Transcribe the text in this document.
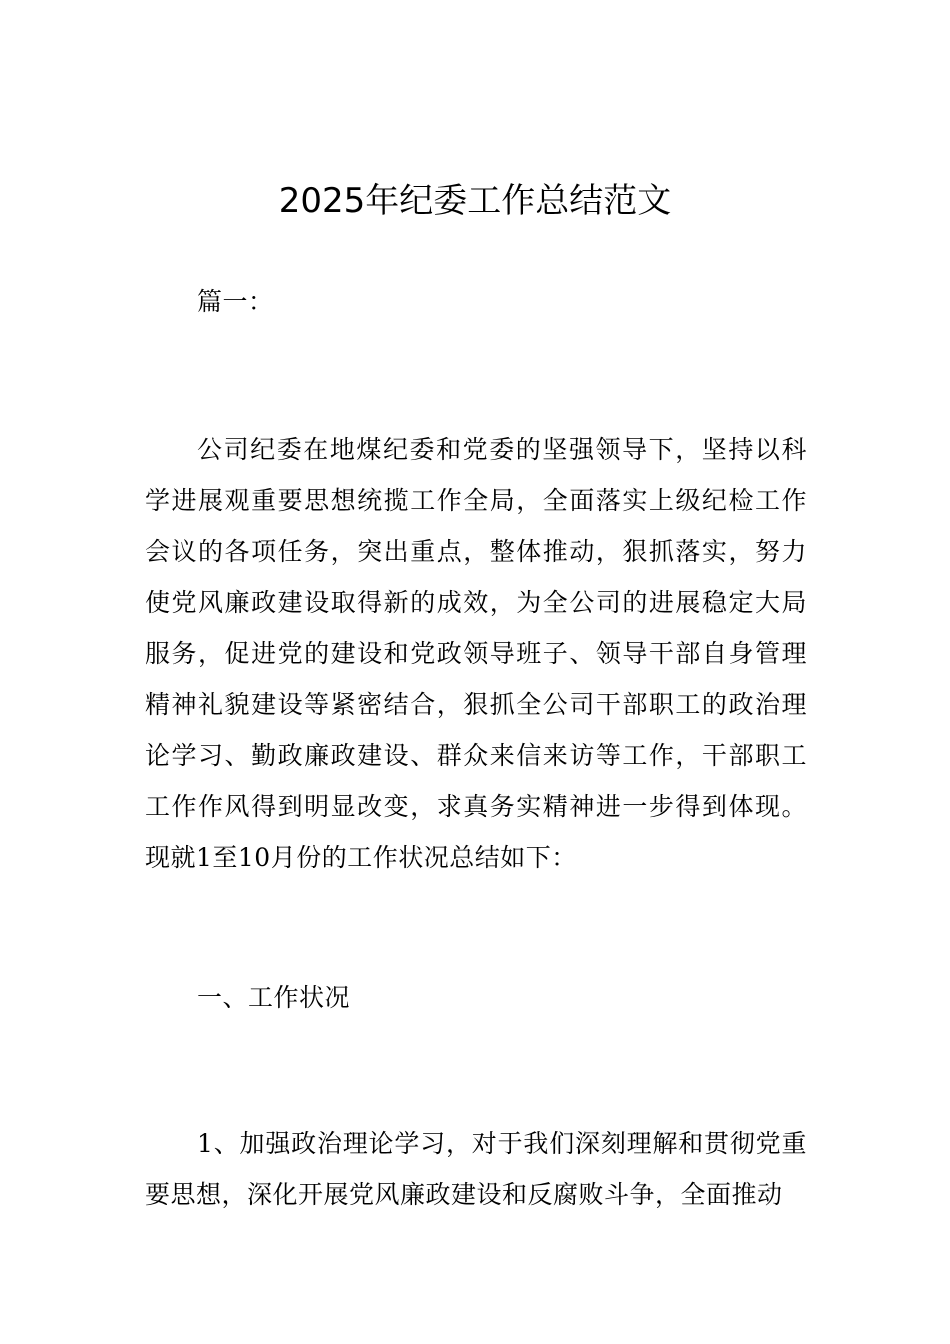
2025年纪委工作总结范文

篇一：

公司纪委在地煤纪委和党委的坚强领导下，坚持以科学进展观重要思想统揽工作全局，全面落实上级纪检工作会议的各项任务，突出重点，整体推动，狠抓落实，努力使党风廉政建设取得新的成效，为全公司的进展稳定大局服务，促进党的建设和党政领导班子、领导干部自身管理精神礼貌建设等紧密结合，狠抓全公司干部职工的政治理论学习、勤政廉政建设、群众来信来访等工作，干部职工工作作风得到明显改变，求真务实精神进一步得到体现。现就1至10月份的工作状况总结如下：

一、工作状况

1、加强政治理论学习，对于我们深刻理解和贯彻党重要思想，深化开展党风廉政建设和反腐败斗争，全面推动
